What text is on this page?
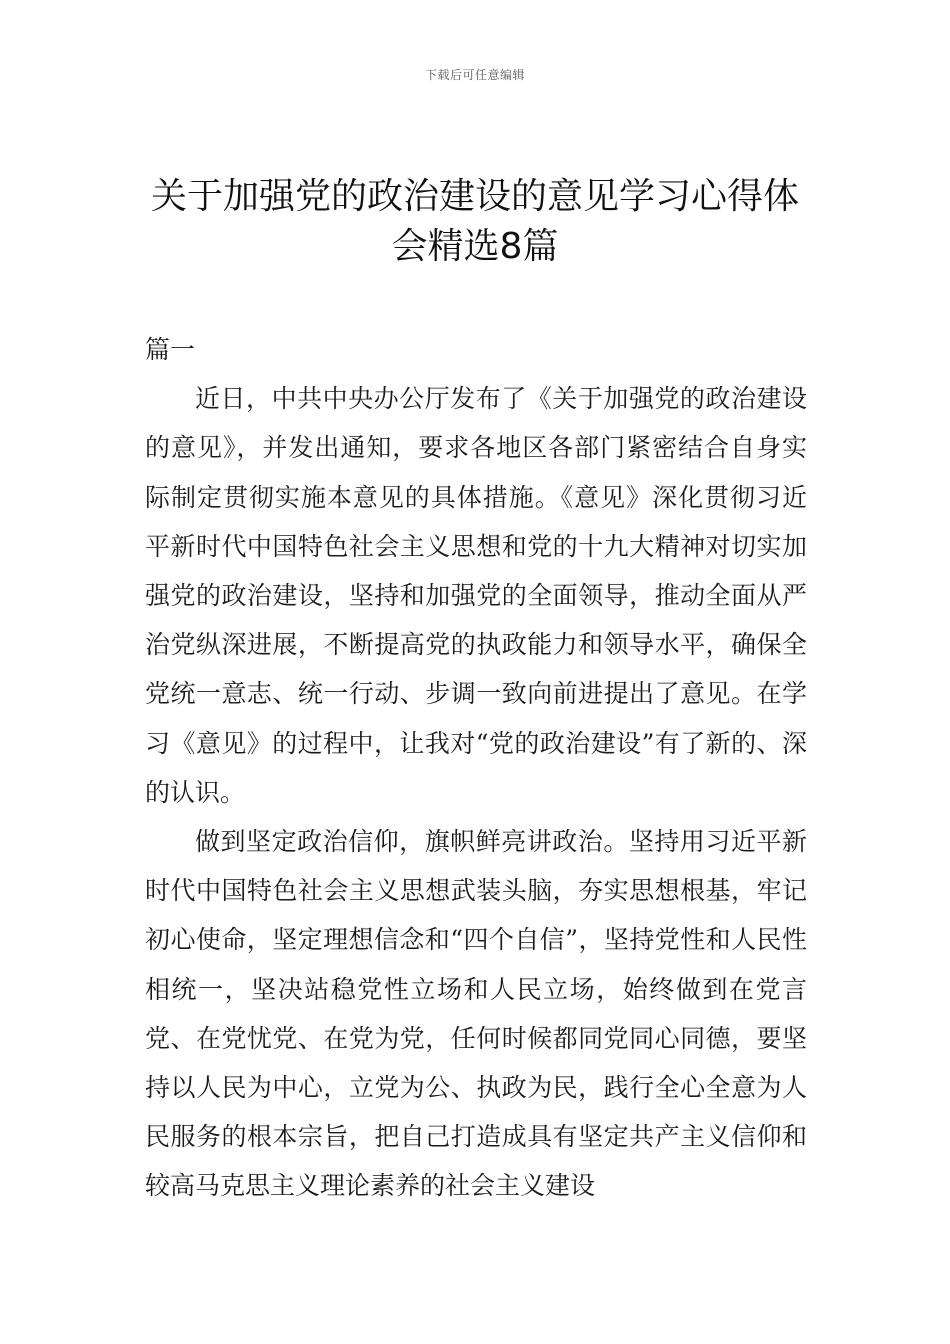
下载后可任意编辑
关于加强党的政治建设的意见学习心得体会精选8篇

篇一

近日，中共中央办公厅发布了《关于加强党的政治建设的意见》，并发出通知，要求各地区各部门紧密结合自身实际制定贯彻实施本意见的具体措施。《意见》深化贯彻习近平新时代中国特色社会主义思想和党的十九大精神对切实加强党的政治建设，坚持和加强党的全面领导，推动全面从严治党纵深进展，不断提高党的执政能力和领导水平，确保全党统一意志、统一行动、步调一致向前进提出了意见。在学习《意见》的过程中，让我对“党的政治建设”有了新的、深的认识。

做到坚定政治信仰，旗帜鲜亮讲政治。坚持用习近平新时代中国特色社会主义思想武装头脑，夯实思想根基，牢记初心使命，坚定理想信念和“四个自信”，坚持党性和人民性相统一，坚决站稳党性立场和人民立场，始终做到在党言党、在党忧党、在党为党，任何时候都同党同心同德，要坚持以人民为中心，立党为公、执政为民，践行全心全意为人民服务的根本宗旨，把自己打造成具有坚定共产主义信仰和较高马克思主义理论素养的社会主义建设
